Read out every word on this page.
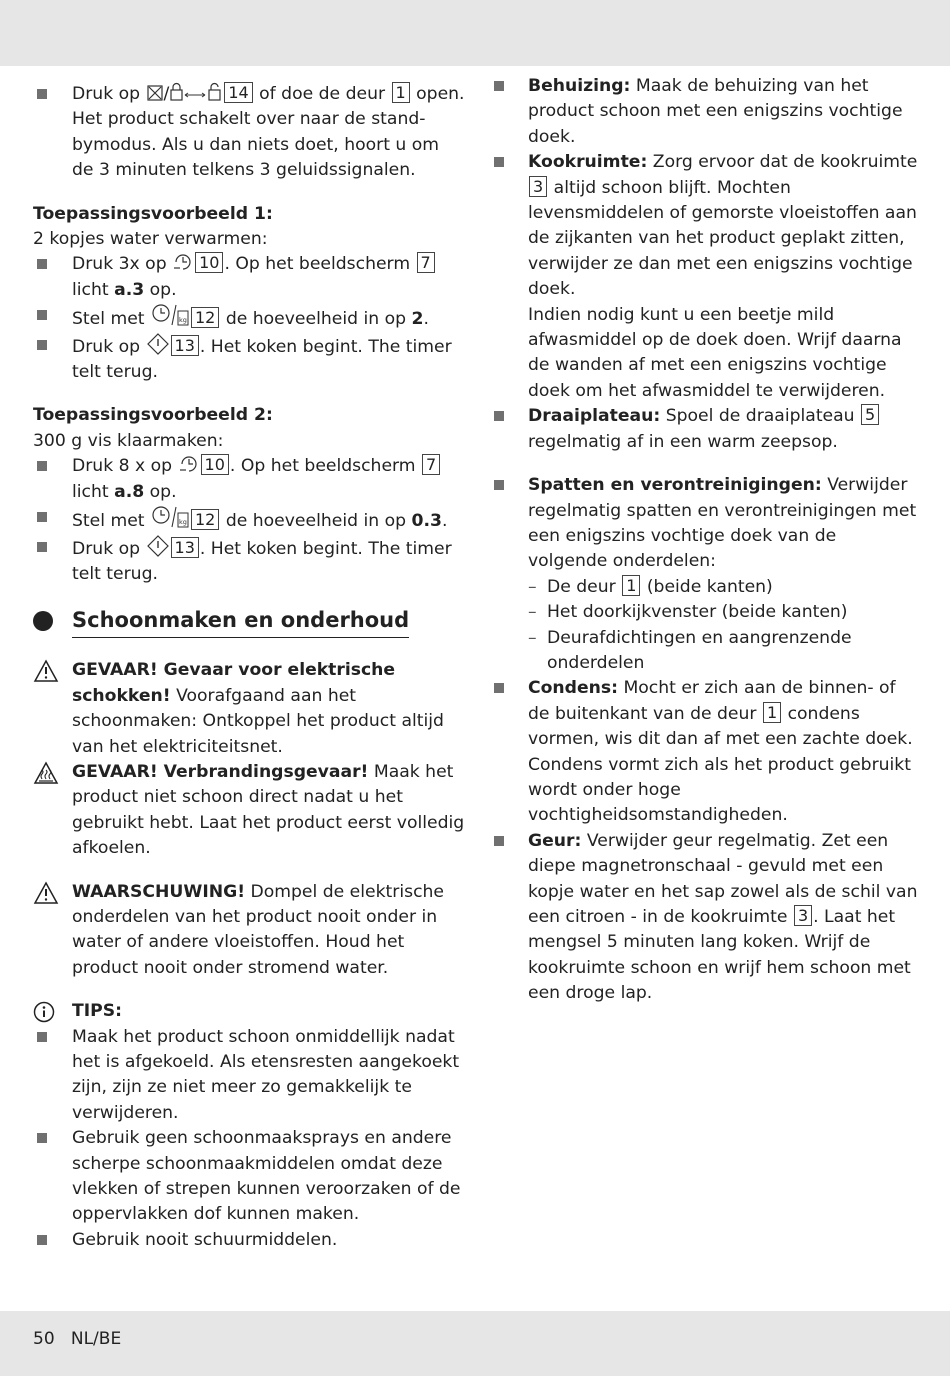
Druk op /	14 of doe de deur 1 open. Het product schakelt over naar de stand-bymodus. Als u dan niets doet, hoort u om de 3 minuten telkens 3 geluidssignalen.
Toepassingsvoorbeeld 1:
2 kopjes water verwarmen:
Druk 3x op 10 . Op het beeldscherm 7 licht a.3 op.
Stel met	kg 12 de hoeveelheid in op 2.
Druk op 13 . Het koken begint. The timer telt terug.
Toepassingsvoorbeeld 2:
300 g vis klaarmaken:
Druk 8 x op 10 . Op het beeldscherm 7 licht a.8 op.
Stel met	kg 12 de hoeveelheid in op 0.3.
Druk op 13 . Het koken begint. The timer telt terug.
Schoonmaken en onderhoud
GEVAAR! Gevaar voor elektrische schokken! Voorafgaand aan het schoonmaken: Ontkoppel het product altijd van het elektriciteitsnet.
GEVAAR! Verbrandingsgevaar! Maak het product niet schoon direct nadat u het gebruikt hebt. Laat het product eerst volledig afkoelen.
WAARSCHUWING! Dompel de elektrische onderdelen van het product nooit onder in water of andere vloeistoffen. Houd het product nooit onder stromend water.
TIPS:
Maak het product schoon onmiddellijk nadat het is afgekoeld. Als etensresten aangekoekt zijn, zijn ze niet meer zo gemakkelijk te verwijderen.
Gebruik geen schoonmaaksprays en andere scherpe schoonmaakmiddelen omdat deze vlekken of strepen kunnen veroorzaken of de oppervlakken dof kunnen maken.
Gebruik nooit schuurmiddelen.
Behuizing: Maak de behuizing van het product schoon met een enigszins vochtige doek.
Kookruimte: Zorg ervoor dat de kookruimte 3 altijd schoon blijft. Mochten levensmiddelen of gemorste vloeistoffen aan de zijkanten van het product geplakt zitten, verwijder ze dan met een enigszins vochtige doek.
Indien nodig kunt u een beetje mild afwasmiddel op de doek doen. Wrijf daarna de wanden af met een enigszins vochtige doek om het afwasmiddel te verwijderen.
Draaiplateau: Spoel de draaiplateau 5 regelmatig af in een warm zeepsop.
Spatten en verontreinigingen: Verwijder regelmatig spatten en verontreinigingen met een enigszins vochtige doek van de volgende onderdelen:
– De deur 1 (beide kanten)
– Het doorkijkvenster (beide kanten)
– Deurafdichtingen en aangrenzende onderdelen
Condens: Mocht er zich aan de binnen- of de buitenkant van de deur 1 condens vormen, wis dit dan af met een zachte doek. Condens vormt zich als het product gebruikt wordt onder hoge vochtigheidsomstandigheden.
Geur: Verwijder geur regelmatig. Zet een diepe magnetronschaal - gevuld met een kopje water en het sap zowel als de schil van een citroen - in de kookruimte 3 . Laat het mengsel 5 minuten lang koken. Wrijf de kookruimte schoon en wrijf hem schoon met een droge lap.
50 NL/BE
